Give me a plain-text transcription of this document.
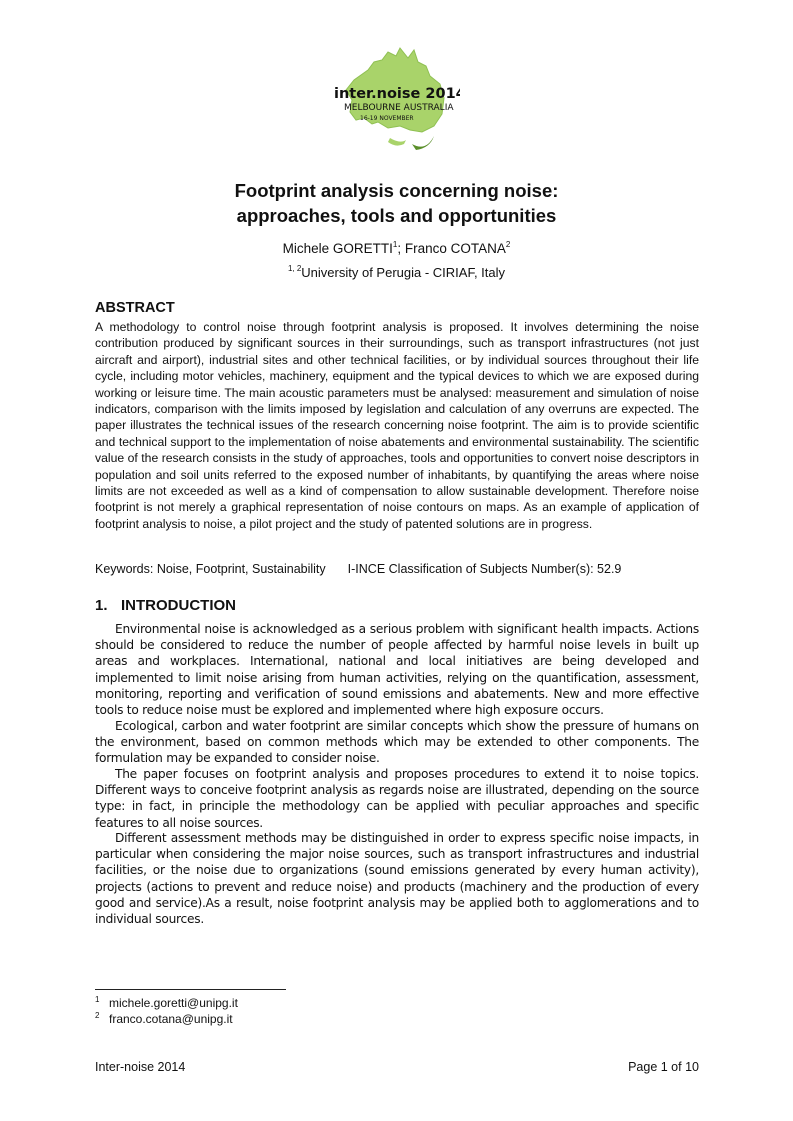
inter.noise 2014
MELBOURNE AUSTRALIA
16-19 NOVEMBER
Footprint analysis concerning noise:
approaches, tools and opportunities
Michele GORETTI$^1$; Franco COTANA$^2$
$^{1, 2}$University of Perugia - CIRIAF, Italy
ABSTRACT

A methodology to control noise through footprint analysis is proposed. It involves determining the noise contribution produced by significant sources in their surroundings, such as transport infrastructures (not just aircraft and airport), industrial sites and other technical facilities, or by individual sources throughout their life cycle, including motor vehicles, machinery, equipment and the typical devices to which we are exposed during working or leisure time. The main acoustic parameters must be analysed: measurement and simulation of noise indicators, comparison with the limits imposed by legislation and calculation of any overruns are expected. The paper illustrates the technical issues of the research concerning noise footprint. The aim is to provide scientific and technical support to the implementation of noise abatements and environmental sustainability. The scientific value of the research consists in the study of approaches, tools and opportunities to convert noise descriptors in population and soil units referred to the exposed number of inhabitants, by quantifying the areas where noise limits are not exceeded as well as a kind of compensation to allow sustainable development. Therefore noise footprint is not merely a graphical representation of noise contours on maps. As an example of application of footprint analysis to noise, a pilot project and the study of patented solutions are in progress.

Keywords: Noise, Footprint, Sustainability I-INCE Classification of Subjects Number(s): 52.9
1. INTRODUCTION

Environmental noise is acknowledged as a serious problem with significant health impacts. Actions should be considered to reduce the number of people affected by harmful noise levels in built up areas and workplaces. International, national and local initiatives are being developed and implemented to limit noise arising from human activities, relying on the quantification, assessment, monitoring, reporting and verification of sound emissions and abatements. New and more effective tools to reduce noise must be explored and implemented where high exposure occurs.

Ecological, carbon and water footprint are similar concepts which show the pressure of humans on the environment, based on common methods which may be extended to other components. The formulation may be expanded to consider noise.

The paper focuses on footprint analysis and proposes procedures to extend it to noise topics. Different ways to conceive footprint analysis as regards noise are illustrated, depending on the source type: in fact, in principle the methodology can be applied with peculiar approaches and specific features to all noise sources.

Different assessment methods may be distinguished in order to express specific noise impacts, in particular when considering the major noise sources, such as transport infrastructures and industrial facilities, or the noise due to organizations (sound emissions generated by every human activity), projects (actions to prevent and reduce noise) and products (machinery and the production of every good and service).As a result, noise footprint analysis may be applied both to agglomerations and to individual sources.

$^1$ michele.goretti@unipg.it
$^2$ franco.cotana@unipg.it
Inter-noise 2014	Page 1 of 10
